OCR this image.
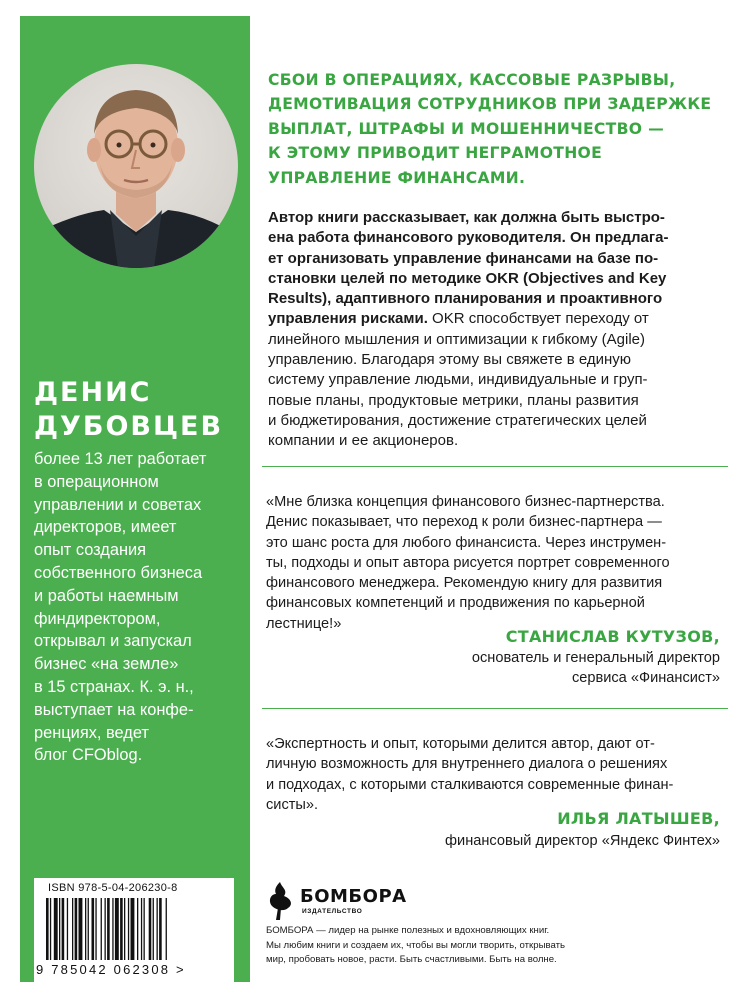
ДЕНИС
ДУБОВЦЕВ
более 13 лет работает
в операционном
управлении и советах
директоров, имеет
опыт создания
собственного бизнеса
и работы наемным
финдиректором,
открывал и запускал
бизнес «на земле»
в 15 странах. К. э. н.,
выступает на конфе-
ренциях, ведет
блог CFOblog.
ISBN 978-5-04-206230-8
9 785042 062308 >
СБОИ В ОПЕРАЦИЯХ, КАССОВЫЕ РАЗРЫВЫ,
ДЕМОТИВАЦИЯ СОТРУДНИКОВ ПРИ ЗАДЕРЖКЕ
ВЫПЛАТ, ШТРАФЫ И МОШЕННИЧЕСТВО —
К ЭТОМУ ПРИВОДИТ НЕГРАМОТНОЕ
УПРАВЛЕНИЕ ФИНАНСАМИ.
Автор книги рассказывает, как должна быть выстро-
ена работа финансового руководителя. Он предлага-
ет организовать управление финансами на базе по-
становки целей по методике OKR (Objectives and Key
Results), адаптивного планирования и проактивного
управления рисками. OKR способствует переходу от
линейного мышления и оптимизации к гибкому (Agile)
управлению. Благодаря этому вы свяжете в единую
систему управление людьми, индивидуальные и груп-
повые планы, продуктовые метрики, планы развития
и бюджетирования, достижение стратегических целей
компании и ее акционеров.
«Мне близка концепция финансового бизнес-партнерства.
Денис показывает, что переход к роли бизнес-партнера —
это шанс роста для любого финансиста. Через инструмен-
ты, подходы и опыт автора рисуется портрет современного
финансового менеджера. Рекомендую книгу для развития
финансовых компетенций и продвижения по карьерной
лестнице!»
СТАНИСЛАВ КУТУЗОВ,
основатель и генеральный директор
сервиса «Финансист»
«Экспертность и опыт, которыми делится автор, дают от-
личную возможность для внутреннего диалога о решениях
и подходах, с которыми сталкиваются современные финан-
систы».
ИЛЬЯ ЛАТЫШЕВ,
финансовый директор «Яндекс Финтех»
БОМБОРА
ИЗДАТЕЛЬСТВО
БОМБОРА — лидер на рынке полезных и вдохновляющих книг.
Мы любим книги и создаем их, чтобы вы могли творить, открывать
мир, пробовать новое, расти. Быть счастливыми. Быть на волне.
